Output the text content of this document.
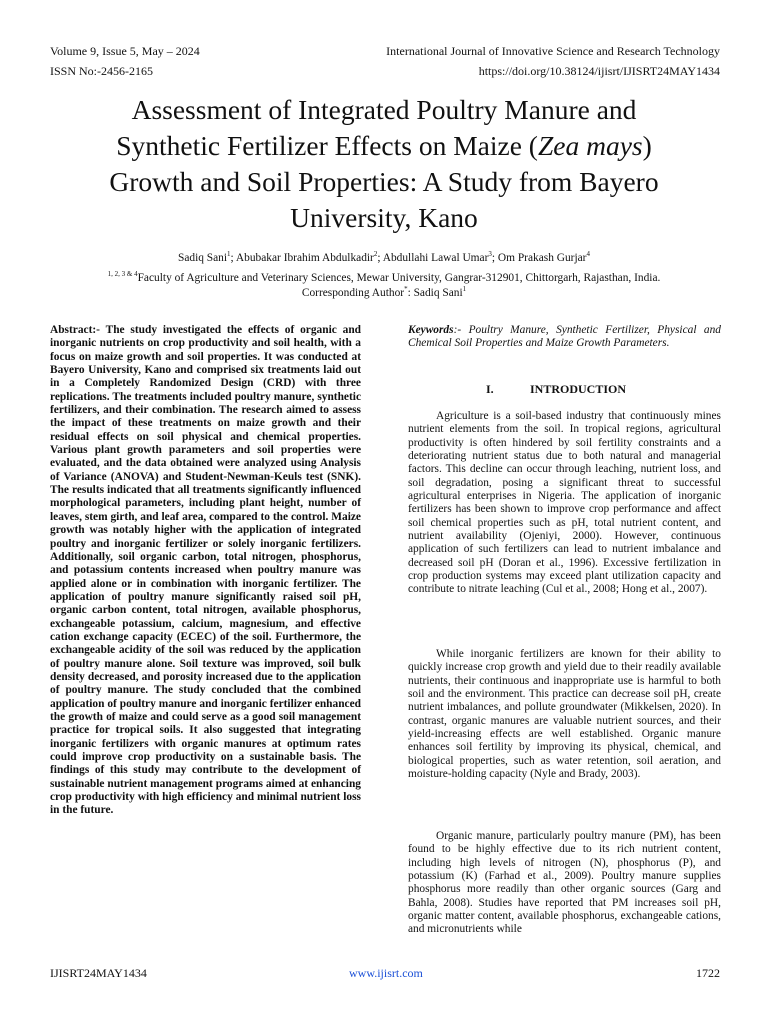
Volume 9, Issue 5, May – 2024
ISSN No:-2456-2165
International Journal of Innovative Science and Research Technology
https://doi.org/10.38124/ijisrt/IJISRT24MAY1434
Assessment of Integrated Poultry Manure and
Synthetic Fertilizer Effects on Maize (Zea mays)
Growth and Soil Properties: A Study from Bayero
University, Kano
Sadiq Sani$^1$; Abubakar Ibrahim Abdulkadir$^2$; Abdullahi Lawal Umar$^3$; Om Prakash Gurjar$^4$
$^{1, 2, 3 \& 4}$Faculty of Agriculture and Veterinary Sciences, Mewar University, Gangrar-312901, Chittorgarh, Rajasthan, India.
Corresponding Author*: Sadiq Sani$^1$
Abstract:- The study investigated the effects of organic and inorganic nutrients on crop productivity and soil health, with a focus on maize growth and soil properties. It was conducted at Bayero University, Kano and comprised six treatments laid out in a Completely Randomized Design (CRD) with three replications. The treatments included poultry manure, synthetic fertilizers, and their combination. The research aimed to assess the impact of these treatments on maize growth and their residual effects on soil physical and chemical properties. Various plant growth parameters and soil properties were evaluated, and the data obtained were analyzed using Analysis of Variance (ANOVA) and Student-Newman-Keuls test (SNK). The results indicated that all treatments significantly influenced morphological parameters, including plant height, number of leaves, stem girth, and leaf area, compared to the control. Maize growth was notably higher with the application of integrated poultry and inorganic fertilizer or solely inorganic fertilizers. Additionally, soil organic carbon, total nitrogen, phosphorus, and potassium contents increased when poultry manure was applied alone or in combination with inorganic fertilizer. The application of poultry manure significantly raised soil pH, organic carbon content, total nitrogen, available phosphorus, exchangeable potassium, calcium, magnesium, and effective cation exchange capacity (ECEC) of the soil. Furthermore, the exchangeable acidity of the soil was reduced by the application of poultry manure alone. Soil texture was improved, soil bulk density decreased, and porosity increased due to the application of poultry manure. The study concluded that the combined application of poultry manure and inorganic fertilizer enhanced the growth of maize and could serve as a good soil management practice for tropical soils. It also suggested that integrating inorganic fertilizers with organic manures at optimum rates could improve crop productivity on a sustainable basis. The findings of this study may contribute to the development of sustainable nutrient management programs aimed at enhancing crop productivity with high efficiency and minimal nutrient loss in the future.
Keywords:- Poultry Manure, Synthetic Fertilizer, Physical and Chemical Soil Properties and Maize Growth Parameters.
I.	INTRODUCTION

Agriculture is a soil-based industry that continuously mines nutrient elements from the soil. In tropical regions, agricultural productivity is often hindered by soil fertility constraints and a deteriorating nutrient status due to both natural and managerial factors. This decline can occur through leaching, nutrient loss, and soil degradation, posing a significant threat to successful agricultural enterprises in Nigeria. The application of inorganic fertilizers has been shown to improve crop performance and affect soil chemical properties such as pH, total nutrient content, and nutrient availability (Ojeniyi, 2000). However, continuous application of such fertilizers can lead to nutrient imbalance and decreased soil pH (Doran et al., 1996). Excessive fertilization in crop production systems may exceed plant utilization capacity and contribute to nitrate leaching (Cul et al., 2008; Hong et al., 2007).

While inorganic fertilizers are known for their ability to quickly increase crop growth and yield due to their readily available nutrients, their continuous and inappropriate use is harmful to both soil and the environment. This practice can decrease soil pH, create nutrient imbalances, and pollute groundwater (Mikkelsen, 2020). In contrast, organic manures are valuable nutrient sources, and their yield-increasing effects are well established. Organic manure enhances soil fertility by improving its physical, chemical, and biological properties, such as water retention, soil aeration, and moisture-holding capacity (Nyle and Brady, 2003).

Organic manure, particularly poultry manure (PM), has been found to be highly effective due to its rich nutrient content, including high levels of nitrogen (N), phosphorus (P), and potassium (K) (Farhad et al., 2009). Poultry manure supplies phosphorus more readily than other organic sources (Garg and Bahla, 2008). Studies have reported that PM increases soil pH, organic matter content, available phosphorus, exchangeable cations, and micronutrients while

IJISRT24MAY1434	www.ijisrt.com	1722
